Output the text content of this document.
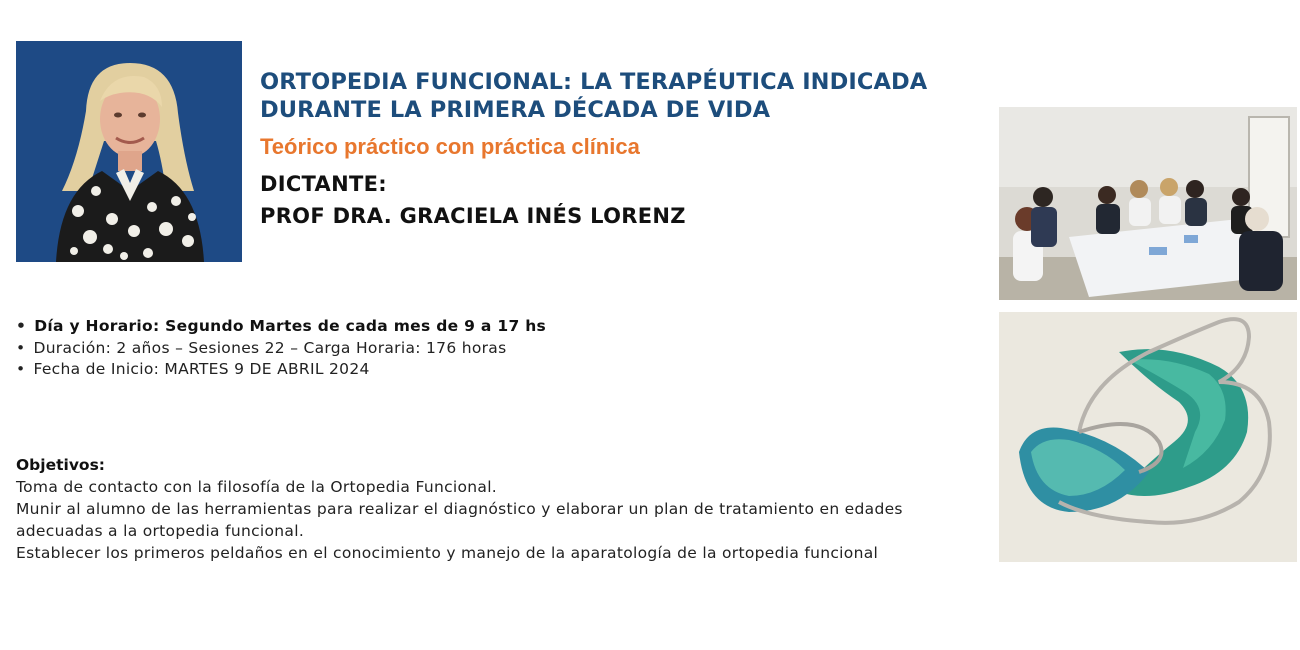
ORTOPEDIA FUNCIONAL: LA TERAPÉUTICA INDICADA
DURANTE LA PRIMERA DÉCADA DE VIDA

Teórico práctico con práctica clínica

DICTANTE:

PROF DRA. GRACIELA INÉS LORENZ

• Día y Horario: Segundo Martes de cada mes de 9 a 17 hs
• Duración: 2 años – Sesiones 22 – Carga Horaria: 176 horas
• Fecha de Inicio: MARTES 9 DE ABRIL 2024

Objetivos:

Toma de contacto con la filosofía de la Ortopedia Funcional.

Munir al alumno de las herramientas para realizar el diagnóstico y elaborar un plan de tratamiento en edades adecuadas a la ortopedia funcional.

Establecer los primeros peldaños en el conocimiento y manejo de la aparatología de la ortopedia funcional
